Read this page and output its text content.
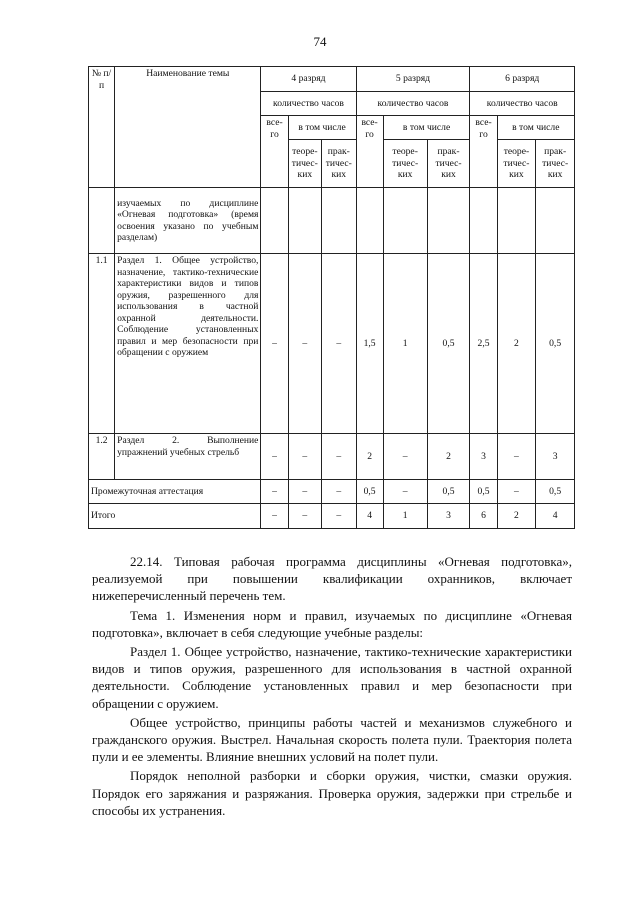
74
№ п/п	Наименование темы	4 разряд			5 разряд			6 разряд		
		количество часов			количество часов			количество часов		
		все-го	в том числе		все-го	в том числе		все-го	в том числе	
			теоре-тичес-ких	прак-тичес-ких		теоре-тичес-ких	прак-тичес-ких		теоре-тичес-ких	прак-тичес-ких
	изучаемых по дисциплине «Огневая подготовка» (время освоения указано по учебным разделам)									
1.1	Раздел 1. Общее устройство, назначение, тактико-технические характеристики видов и типов оружия, разрешенного для использования в частной охранной деятельности. Соблюдение установленных правил и мер безопасности при обращении с оружием	–	–	–	1,5	1	0,5	2,5	2	0,5
1.2	Раздел 2. Выполнение упражнений учебных стрельб	–	–	–	2	–	2	3	–	3
Промежуточная аттестация		–	–	–	0,5	–	0,5	0,5	–	0,5
Итого		–	–	–	4	1	3	6	2	4

22.14. Типовая рабочая программа дисциплины «Огневая подготовка», реализуемой при повышении квалификации охранников, включает нижеперечисленный перечень тем.

Тема 1. Изменения норм и правил, изучаемых по дисциплине «Огневая подготовка», включает в себя следующие учебные разделы:

Раздел 1. Общее устройство, назначение, тактико-технические характеристики видов и типов оружия, разрешенного для использования в частной охранной деятельности. Соблюдение установленных правил и мер безопасности при обращении с оружием.

Общее устройство, принципы работы частей и механизмов служебного и гражданского оружия. Выстрел. Начальная скорость полета пули. Траектория полета пули и ее элементы. Влияние внешних условий на полет пули.

Порядок неполной разборки и сборки оружия, чистки, смазки оружия. Порядок его заряжания и разряжания. Проверка оружия, задержки при стрельбе и способы их устранения.
